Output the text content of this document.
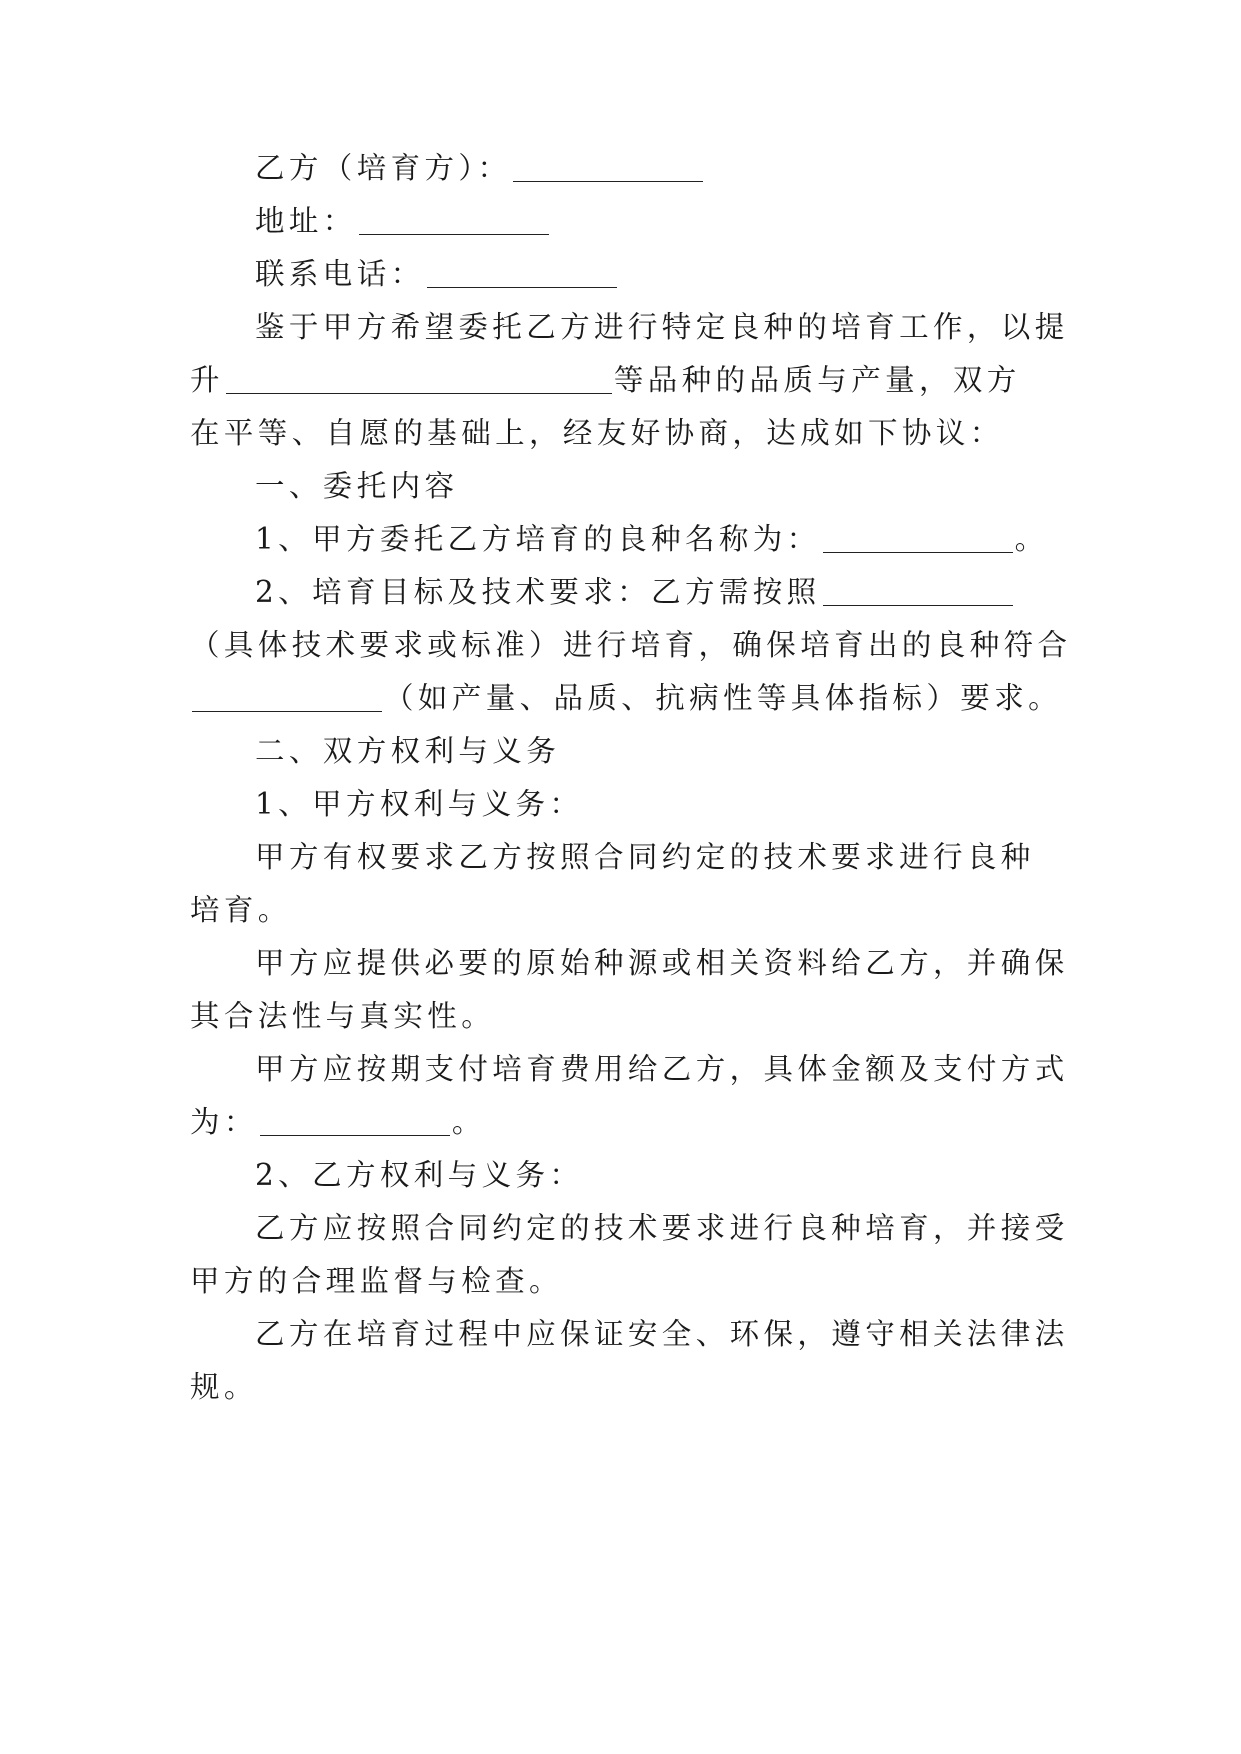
乙方（培育方）：
地址：
联系电话：
鉴于甲方希望委托乙方进行特定良种的培育工作，以提
升	等品种的品质与产量，双方
在平等、自愿的基础上，经友好协商，达成如下协议：
一、委托内容
1、甲方委托乙方培育的良种名称为：	。
2、培育目标及技术要求：乙方需按照
（具体技术要求或标准）进行培育，确保培育出的良种符合
（如产量、品质、抗病性等具体指标）要求。
二、双方权利与义务
1、甲方权利与义务：
甲方有权要求乙方按照合同约定的技术要求进行良种
培育。
甲方应提供必要的原始种源或相关资料给乙方，并确保
其合法性与真实性。
甲方应按期支付培育费用给乙方，具体金额及支付方式
为：	。
2、乙方权利与义务：
乙方应按照合同约定的技术要求进行良种培育，并接受
甲方的合理监督与检查。
乙方在培育过程中应保证安全、环保，遵守相关法律法
规。
